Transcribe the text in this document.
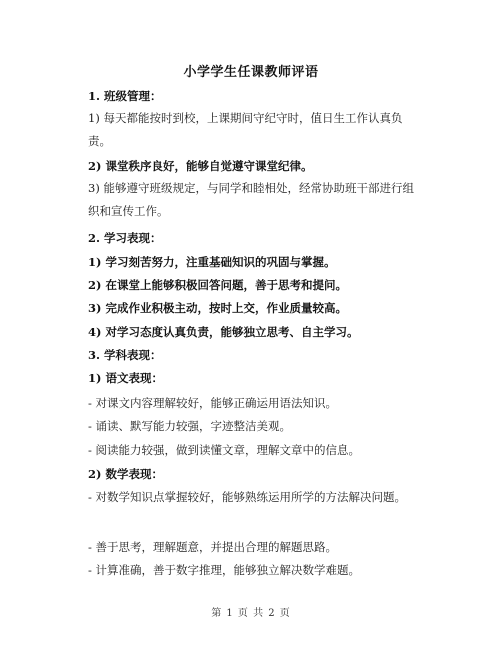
小学学生任课教师评语
1. 班级管理：
1) 每天都能按时到校，上课期间守纪守时，值日生工作认真负责。
2) 课堂秩序良好，能够自觉遵守课堂纪律。
3) 能够遵守班级规定，与同学和睦相处，经常协助班干部进行组织和宣传工作。
2. 学习表现：
1) 学习刻苦努力，注重基础知识的巩固与掌握。
2) 在课堂上能够积极回答问题，善于思考和提问。
3) 完成作业积极主动，按时上交，作业质量较高。
4) 对学习态度认真负责，能够独立思考、自主学习。
3. 学科表现：
1) 语文表现：
- 对课文内容理解较好，能够正确运用语法知识。
- 诵读、默写能力较强，字迹整洁美观。
- 阅读能力较强，做到读懂文章，理解文章中的信息。
2) 数学表现：
- 对数学知识点掌握较好，能够熟练运用所学的方法解决问题。
- 善于思考，理解题意，并提出合理的解题思路。
- 计算准确，善于数字推理，能够独立解决数学难题。
第 1 页 共 2 页
